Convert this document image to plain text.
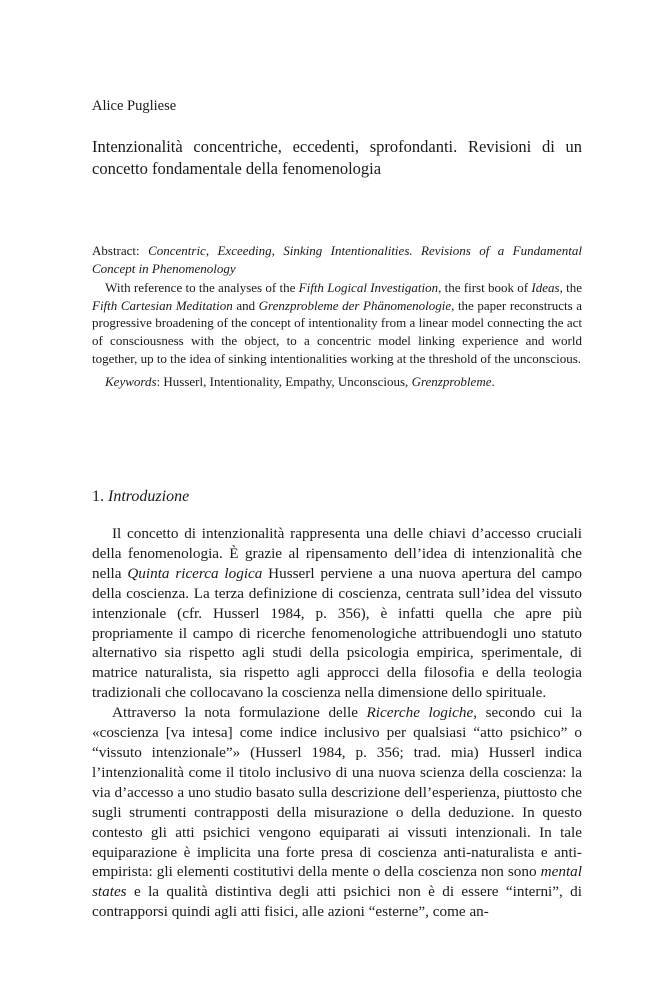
Alice Pugliese
Intenzionalità concentriche, eccedenti, sprofondanti. Revisioni di un concetto fondamentale della fenomenologia

Abstract: Concentric, Exceeding, Sinking Intentionalities. Revisions of a Fundamental Concept in Phenomenology

With reference to the analyses of the Fifth Logical Investigation, the first book of Ideas, the Fifth Cartesian Meditation and Grenzprobleme der Phänomenologie, the paper reconstructs a progressive broadening of the concept of intentionality from a linear model connecting the act of consciousness with the object, to a concentric model linking experience and world together, up to the idea of sinking intentionalities working at the threshold of the unconscious.

Keywords: Husserl, Intentionality, Empathy, Unconscious, Grenzprobleme.

1. Introduzione

Il concetto di intenzionalità rappresenta una delle chiavi d’accesso cruciali della fenomenologia. È grazie al ripensamento dell’idea di intenzionalità che nella Quinta ricerca logica Husserl perviene a una nuova apertura del campo della coscienza. La terza definizione di coscienza, centrata sull’idea del vissuto intenzionale (cfr. Husserl 1984, p. 356), è infatti quella che apre più propriamente il campo di ricerche fenomenologiche attribuendogli uno statuto alternativo sia rispetto agli studi della psicologia empirica, sperimentale, di matrice naturalista, sia rispetto agli approcci della filosofia e della teologia tradizionali che collocavano la coscienza nella dimensione dello spirituale.

Attraverso la nota formulazione delle Ricerche logiche, secondo cui la «coscienza [va intesa] come indice inclusivo per qualsiasi “atto psichico” o “vissuto intenzionale”» (Husserl 1984, p. 356; trad. mia) Husserl indica l’intenzionalità come il titolo inclusivo di una nuova scienza della coscienza: la via d’accesso a uno studio basato sulla descrizione dell’esperienza, piuttosto che sugli strumenti contrapposti della misurazione o della deduzione. In questo contesto gli atti psichici vengono equiparati ai vissuti intenzionali. In tale equiparazione è implicita una forte presa di coscienza anti-naturalista e anti-empirista: gli elementi costitutivi della mente o della coscienza non sono mental states e la qualità distintiva degli atti psichici non è di essere “interni”, di contrapporsi quindi agli atti fisici, alle azioni “esterne”, come an-
